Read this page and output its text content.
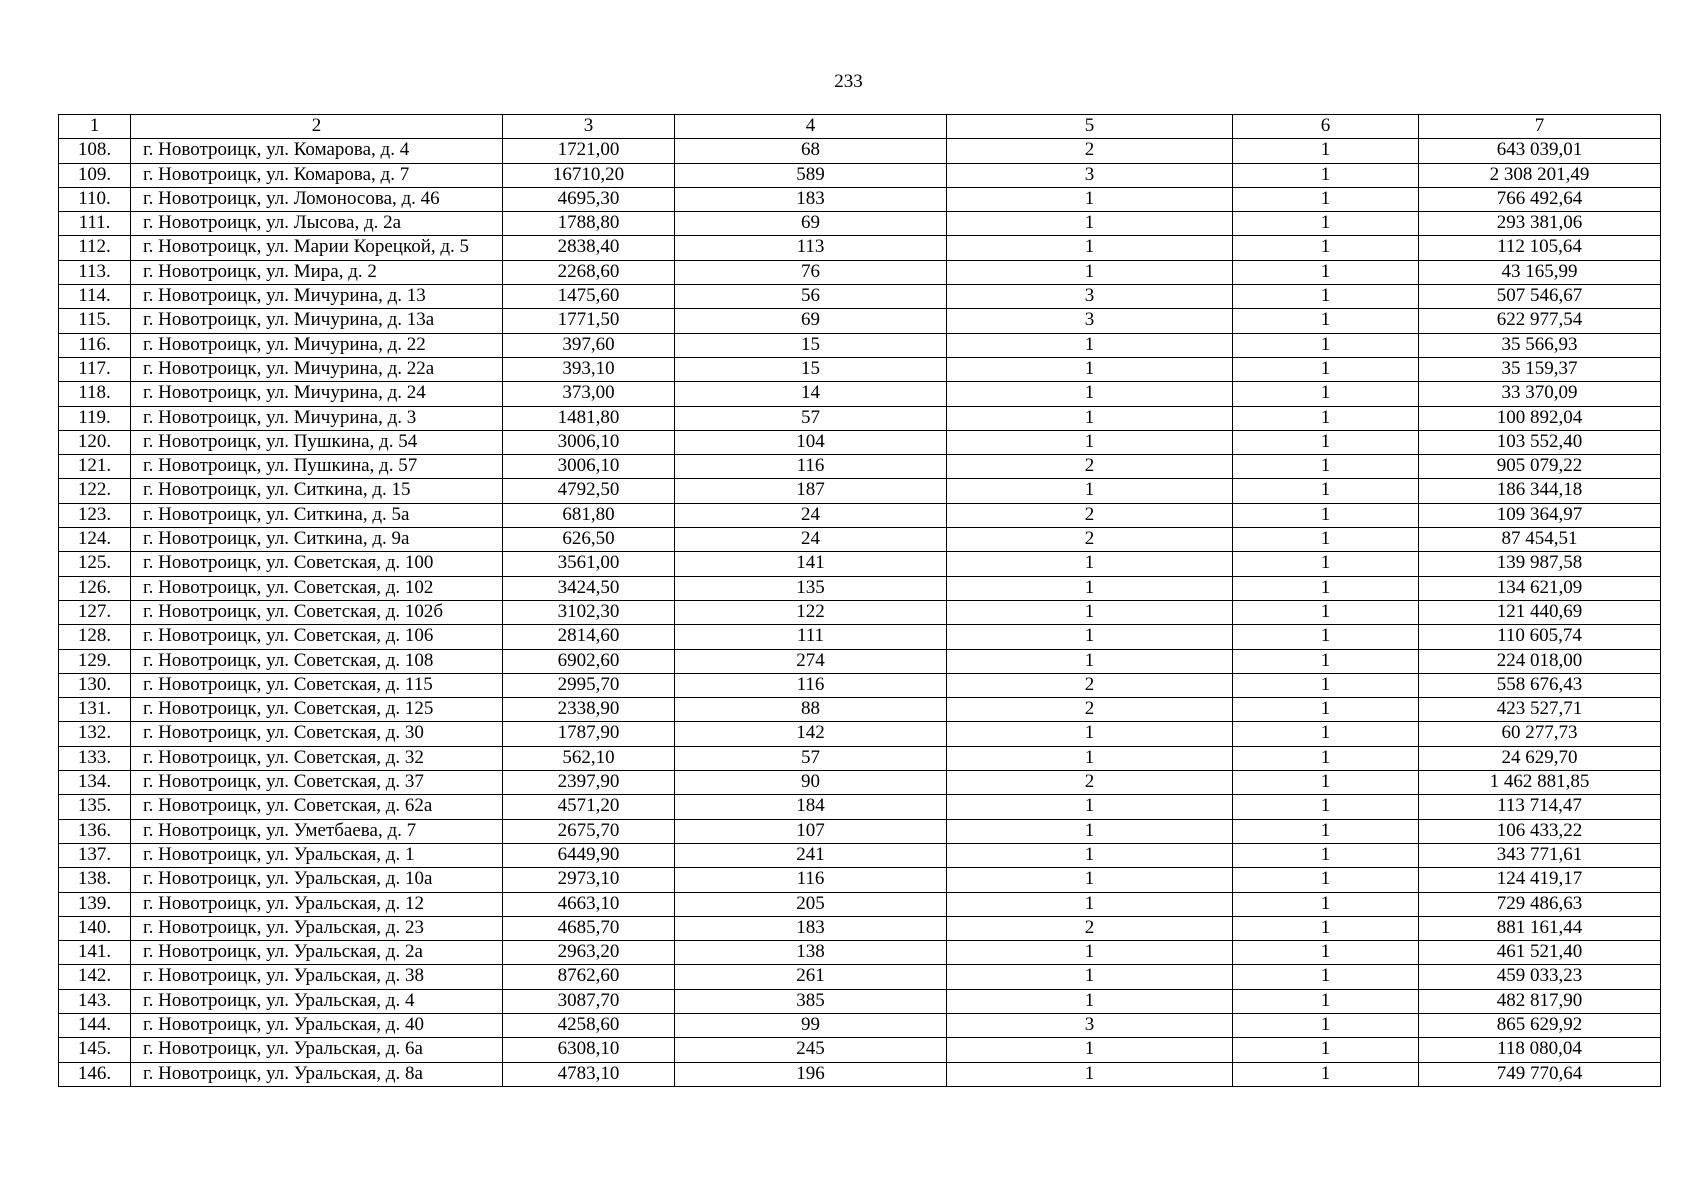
233
1	2	3	4	5	6	7
108.	г. Новотроицк, ул. Комарова, д. 4	1721,00	68	2	1	643 039,01
109.	г. Новотроицк, ул. Комарова, д. 7	16710,20	589	3	1	2 308 201,49
110.	г. Новотроицк, ул. Ломоносова, д. 46	4695,30	183	1	1	766 492,64
111.	г. Новотроицк, ул. Лысова, д. 2а	1788,80	69	1	1	293 381,06
112.	г. Новотроицк, ул. Марии Корецкой, д. 5	2838,40	113	1	1	112 105,64
113.	г. Новотроицк, ул. Мира, д. 2	2268,60	76	1	1	43 165,99
114.	г. Новотроицк, ул. Мичурина, д. 13	1475,60	56	3	1	507 546,67
115.	г. Новотроицк, ул. Мичурина, д. 13а	1771,50	69	3	1	622 977,54
116.	г. Новотроицк, ул. Мичурина, д. 22	397,60	15	1	1	35 566,93
117.	г. Новотроицк, ул. Мичурина, д. 22а	393,10	15	1	1	35 159,37
118.	г. Новотроицк, ул. Мичурина, д. 24	373,00	14	1	1	33 370,09
119.	г. Новотроицк, ул. Мичурина, д. 3	1481,80	57	1	1	100 892,04
120.	г. Новотроицк, ул. Пушкина, д. 54	3006,10	104	1	1	103 552,40
121.	г. Новотроицк, ул. Пушкина, д. 57	3006,10	116	2	1	905 079,22
122.	г. Новотроицк, ул. Ситкина, д. 15	4792,50	187	1	1	186 344,18
123.	г. Новотроицк, ул. Ситкина, д. 5а	681,80	24	2	1	109 364,97
124.	г. Новотроицк, ул. Ситкина, д. 9а	626,50	24	2	1	87 454,51
125.	г. Новотроицк, ул. Советская, д. 100	3561,00	141	1	1	139 987,58
126.	г. Новотроицк, ул. Советская, д. 102	3424,50	135	1	1	134 621,09
127.	г. Новотроицк, ул. Советская, д. 102б	3102,30	122	1	1	121 440,69
128.	г. Новотроицк, ул. Советская, д. 106	2814,60	111	1	1	110 605,74
129.	г. Новотроицк, ул. Советская, д. 108	6902,60	274	1	1	224 018,00
130.	г. Новотроицк, ул. Советская, д. 115	2995,70	116	2	1	558 676,43
131.	г. Новотроицк, ул. Советская, д. 125	2338,90	88	2	1	423 527,71
132.	г. Новотроицк, ул. Советская, д. 30	1787,90	142	1	1	60 277,73
133.	г. Новотроицк, ул. Советская, д. 32	562,10	57	1	1	24 629,70
134.	г. Новотроицк, ул. Советская, д. 37	2397,90	90	2	1	1 462 881,85
135.	г. Новотроицк, ул. Советская, д. 62а	4571,20	184	1	1	113 714,47
136.	г. Новотроицк, ул. Уметбаева, д. 7	2675,70	107	1	1	106 433,22
137.	г. Новотроицк, ул. Уральская, д. 1	6449,90	241	1	1	343 771,61
138.	г. Новотроицк, ул. Уральская, д. 10а	2973,10	116	1	1	124 419,17
139.	г. Новотроицк, ул. Уральская, д. 12	4663,10	205	1	1	729 486,63
140.	г. Новотроицк, ул. Уральская, д. 23	4685,70	183	2	1	881 161,44
141.	г. Новотроицк, ул. Уральская, д. 2а	2963,20	138	1	1	461 521,40
142.	г. Новотроицк, ул. Уральская, д. 38	8762,60	261	1	1	459 033,23
143.	г. Новотроицк, ул. Уральская, д. 4	3087,70	385	1	1	482 817,90
144.	г. Новотроицк, ул. Уральская, д. 40	4258,60	99	3	1	865 629,92
145.	г. Новотроицк, ул. Уральская, д. 6а	6308,10	245	1	1	118 080,04
146.	г. Новотроицк, ул. Уральская, д. 8а	4783,10	196	1	1	749 770,64
